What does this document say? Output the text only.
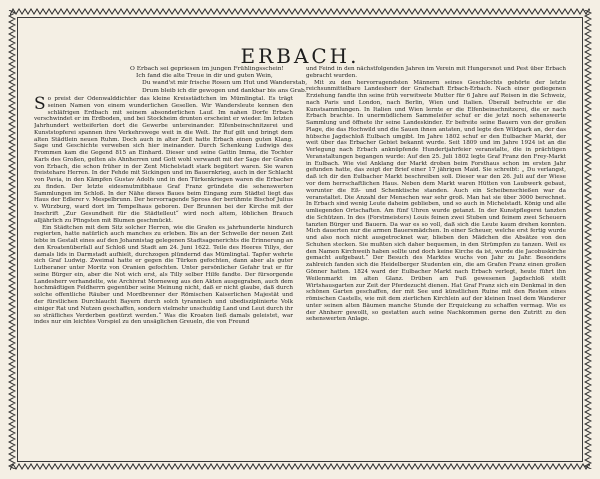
ERBACH.
O Erbach sei gepriesen im jungen Frühlingsschein!
Ich fand die alte Treue in dir und guten Wein,
Du wand'st mir frische Rosen um Hut und Wanderstab,
Drum bleib ich dir gewogen und dankbar bis ans Grab.

So preist der Odenwalddichter das kleine Kreisstädtchen im Mümlingtal. Es trägt seinen Namen von einem wunderlichen Gesellen. Wir Wandersleute kennen den schläfrigen Erdbach mit seinem absonderlichen Lauf. Im nahen Dorfe Erbach verschwindet er im Erdboden, und bei Stockheim drunten erscheint er wieder. Im letzten Jahrhundert wetteiferten dort die Gewerbe untereinander. Elfenbeinschnitzerei und Kunststopferei spannen ihre Verkehrswege weit in die Welt. Ihr Ruf gilt und bringt dem alten Städtlein neuen Ruhm. Doch auch in alter Zeit hatte Erbach einen guten Klang. Sage und Geschichte verweben sich hier ineinander. Durch Schenkung Ludwigs des Frommen kam die Gegend 815 an Einhard. Dieser und seine Gattin Imma, die Tochter Karls des Großen, gelten als Ahnherren und Gott wohl verwandt mit der Sage der Grafen von Erbach, die schon früher in der Zent Michelstadt stark begütert waren. Sie waren freistehare Herren. In der Fehde mit Sickingen und im Bauernkrieg, auch in der Schlacht von Pavia, in den Kämpfen Gustav Adolfs und in den Türkenkriegen waren die Erbacher zu finden. Der letzte eidesmutmitbhaue Graf Franz gründete die sehenswerten Sammlungen im Schloß. In der Nähe dieses Baues beim Eingang zum Städtel liegt das Haus der Edlerer v. Mespelbrunn. Der hervorragende Spross der berühmte Bischof Julius v. Würzburg, ward dort im Tempelhaus geboren. Der Brunnen bei der Kirche mit der Inschrift „Zur Gesundheit für die Städtelleut“ wird noch altem, löblichen Brauch alljährlich zu Pfingsten mit Blumen geschmückt.

Ein Städtchen mit dem Sitz solcher Herren, wie die Grafen es jahrhunderte hindurch regierten, hatte natürlich auch manches zu erleben. Bis an der Schwelle der neuen Zeit lebte in Gestalt eines auf den Johannistag gelegenen Stadtsagenerichts die Erinnerung an den Kroatenüberfall auf Schloß und Stadt am 24. Juni 1622. Teile des Heeres Tillys, der damals lids in Darmstadt aufhielt, durchzogen plündernd das Mümlingtal. Tapfer wehrte sich Graf Ludwig. Zweimal hatte er gegen die Türken gefochten, dann aber als guter Lutheraner unter Moritz von Oranien gefochten. Unter persönlicher Gefahr trat er für seine Bürger ein, aber die Not wich erst, als Tilly selber Hilfe fandte. Der fürsorgende Landesherr verhandelte, wie Archivrat Morneweg aus den Akten ausgegraben, auch dem hochmädtigen Feldherrn gegenüber seine Meinung nicht, daß er nicht glaube, daß durch solche offentliche Räuber und Mordbrenner der Römischen Kaiserlichen Majestät und der fürstlichen Durchlaucht Bayern durch solch tyrannisch und ubedisziplinierte Volk einiger Rat und Nutzen geschaffen, sondern vielmehr unschuldig Land und Leut durch ihr so sträfliches Verderben gestürzt werden.“ Was die Kroaten ließ damals geleistet, war indes nur ein leichtes Vorspiel zu den unsäglichen Greueln, die von Freund

und Feind in den nächstfolgenden Jahren im Verein mit Hungersnot und Pest über Erbach gebracht wurden.

Mit zu den hervorragendsten Männern seines Geschlechts gehörte der letzte reichsunmittelbare Landesherr der Grafschaft Erbach-Erbach. Nach einer gediegenen Erziehung fandte ihn seine früh verwitwete Mutter für 6 Jahre auf Reisen in die Schweiz, nach Paris und London, nach Berlin, Wien und Italien. Überall befruchte er die Kunstsammlungen. In Italien und Wien lernte er die Elfenbeinschnitzerei, die er nach Erbach brachte. In unermüdlichem Sammeleifer schuf er die jetzt noch sehenswerte Sammlung und öffnete ihr seine Landeskinder. Er befreite seine Bauern von der großen Plage, die das Hochwild und die Sauen ihnen antaten, und legte den Wildpark an, der das hübsche Jagdschloß Eulbach umgibt. Im Jahre 1802 schuf er den Eulbacher Markt, der weit über das Erbacher Gebiet bekannt wurde. Seit 1809 und im Jahre 1924 ist an die Verlegung nach Erbach anknüpfende Hundertjahrfeier veranstalte, die in prächtigen Veranstaltungen begangen wurde: Auf den 25. Juli 1802 legte Graf Franz den Frey-Markt in Eulbach. Wie viel Anklang der Markt droben beim Forsthaus schon im ersten Jahr gefunden hatte, das zeigt der Brief einer 17 jährigen Maid. Sie schreibt: „ Du verlangst, daß ich dir den Eulbacher Markt beschreiben soll. Dieser war den 26. Juli auf der Wiese vor dem herrschaftlichen Haus. Neben dem Markt waren Hütten von Laubwerk gebaut, worunter die Eß- und Schenktische standen. Auch ein Scheibenschießen war da veranstaltet. Die Anzahl der Menschen war sehr groß. Man hat sie über 3000 berechnet. In Erbach sind wenig Leute daheim geblieben, und so auch in Michelstadt. König und alle umliegenden Ortschaften. Am fünf Uhren wurde getanzt. In der Kunstpflegerei tanzten die Schützen. In des (Forstmeisters) Louis feinen zwei Stuben und feinem zwei Scheuern tanzten Bürger und Bauern. Da war es so voll, daß sich die Leute kaum drehen konnten. Mich dauerten nur die armen Bauersmädchen. In einer Scheuer, welche erst fertig wurde und also noch nicht ausgetrocknet war, blieben den Mädchen die Absätze von den Schuhen stecken. Sie mußten sich daher bequemen, in den Strümpfen zu tanzen. Weil es den Namen Kirchweih haben sollte und doch keine Kirche da ist, wurde die Jacobuskirche gemacht aufgebaut.“ Der Besuch des Marktes wuchs von Jahr zu Jahr. Besonders zahlreich fanden sich die Heidelberger Studenten ein, die am Grafen Franz einen großen Gönner hatten. 1824 ward der Eulbacher Markt nach Erbach verlegt, heute führt ihn Weilenmarkt im alten Glanz. Drüben am Fuß gewesenen Jagdschloß stellt Wirtshausgarten zur Zeit der Pferdezucht dienen. Hat Graf Franz sich ein Denkmal in den schönen Garten geschaffen, der mit See und künstlichen Ruine mit den Resten eines römischen Castells, wie mit dem zierlichen Kirchlein auf der kleinen Insel dem Wanderer unter seinen alten Bäumen manche Stunde der Erquickung zu schaffen vermag. Wie es der Ahnherr gewollt, so gestatten auch seine Nachkommen gerne den Zutritt zu den sehenswerten Anlage.
